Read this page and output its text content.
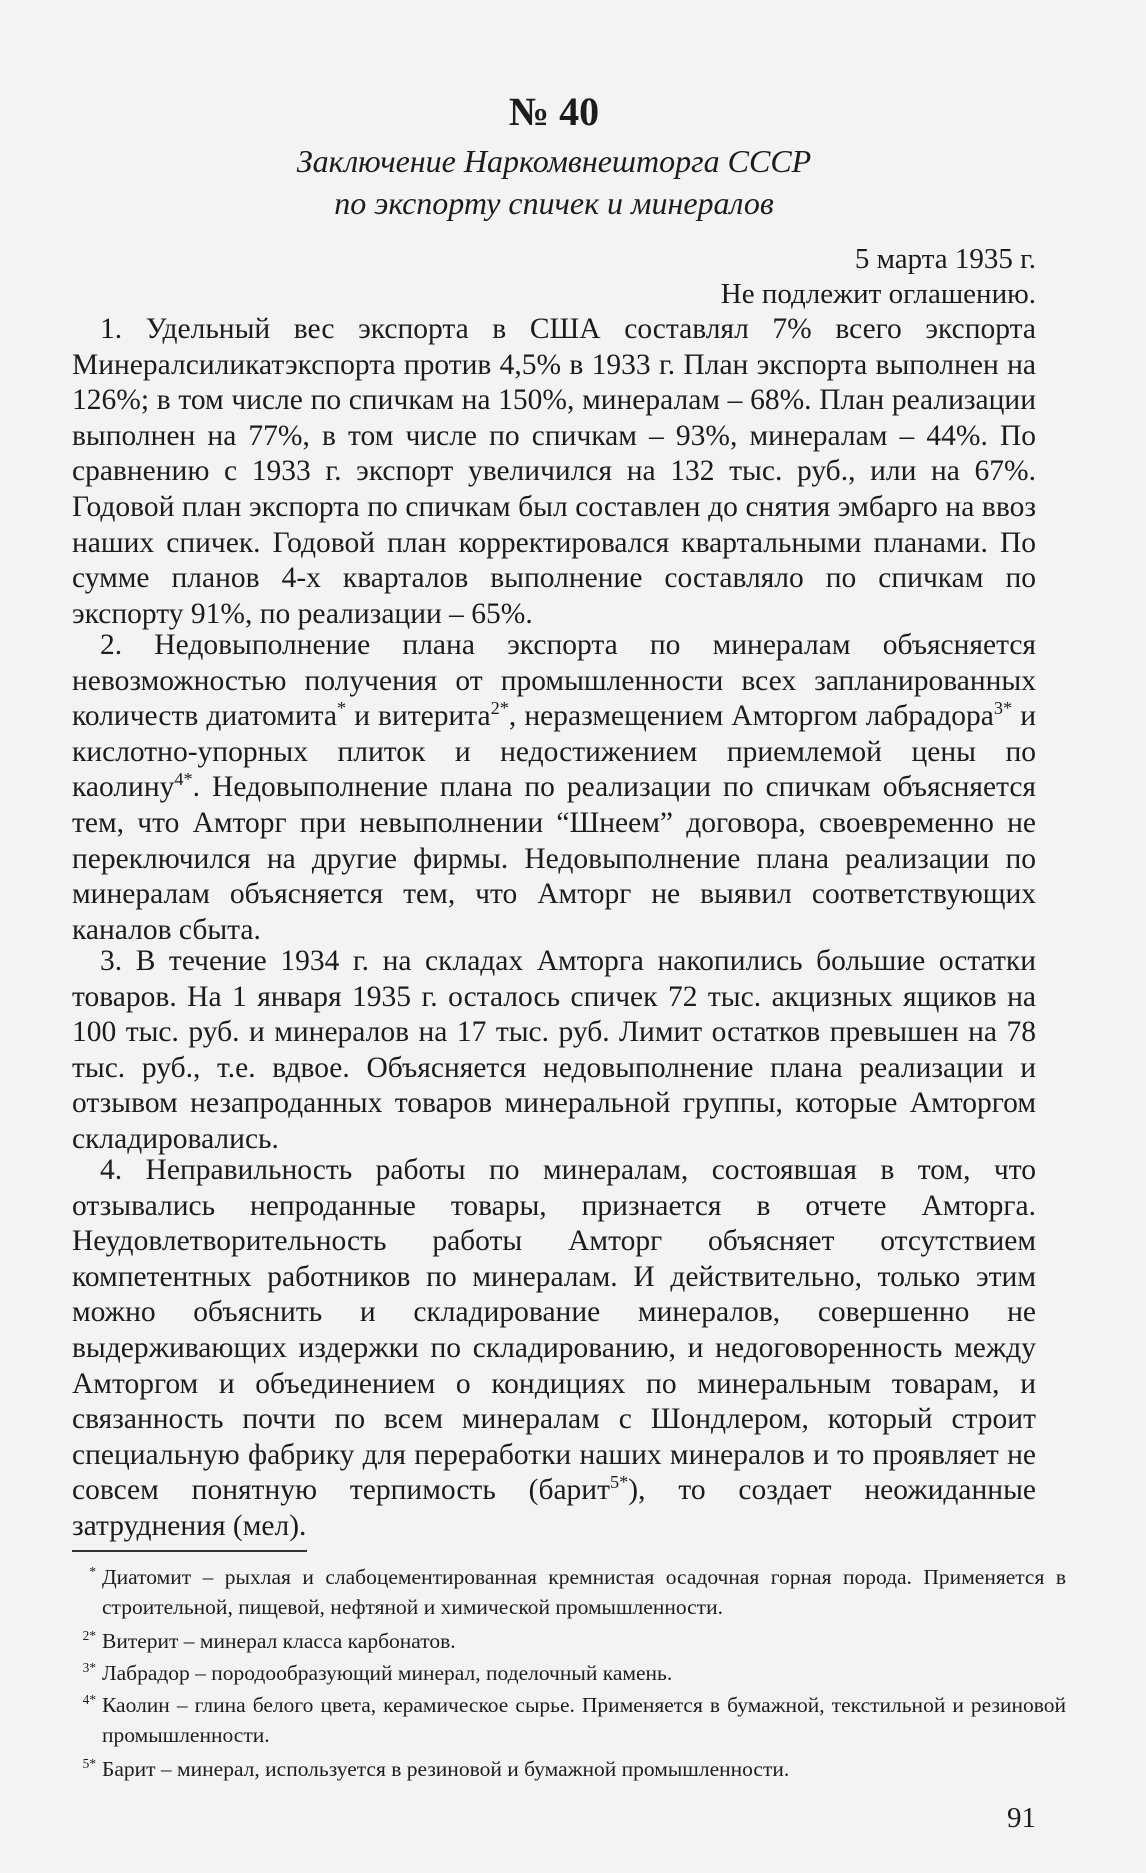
№ 40
Заключение Наркомвнешторга СССР
по экспорту спичек и минералов
5 марта 1935 г.
Не подлежит оглашению.

1. Удельный вес экспорта в США составлял 7% всего экспорта Минералсиликатэкспорта против 4,5% в 1933 г. План экспорта выполнен на 126%; в том числе по спичкам на 150%, минералам – 68%. План реализации выполнен на 77%, в том числе по спичкам – 93%, минералам – 44%. По сравнению с 1933 г. экспорт увеличился на 132 тыс. руб., или на 67%. Годовой план экспорта по спичкам был составлен до снятия эмбарго на ввоз наших спичек. Годовой план корректировался квартальными планами. По сумме планов 4-х кварталов выполнение составляло по спичкам по экспорту 91%, по реализации – 65%.

2. Недовыполнение плана экспорта по минералам объясняется невозможностью получения от промышленности всех запланированных количеств диатомита* и витерита$^{2*}$, неразмещением Амторгом лабрадора$^{3*}$ и кислотно-упорных плиток и недостижением приемлемой цены по каолину$^{4*}$. Недовыполнение плана по реализации по спичкам объясняется тем, что Амторг при невыполнении “Шнеем” договора, своевременно не переключился на другие фирмы. Недовыполнение плана реализации по минералам объясняется тем, что Амторг не выявил соответствующих каналов сбыта.

3. В течение 1934 г. на складах Амторга накопились большие остатки товаров. На 1 января 1935 г. осталось спичек 72 тыс. акцизных ящиков на 100 тыс. руб. и минералов на 17 тыс. руб. Лимит остатков превышен на 78 тыс. руб., т.е. вдвое. Объясняется недовыполнение плана реализации и отзывом незапроданных товаров минеральной группы, которые Амторгом складировались.

4. Неправильность работы по минералам, состоявшая в том, что отзывались непроданные товары, признается в отчете Амторга. Неудовлетворительность работы Амторг объясняет отсутствием компетентных работников по минералам. И действительно, только этим можно объяснить и складирование минералов, совершенно не выдерживающих издержки по складированию, и недоговоренность между Амторгом и объединением о кондициях по минеральным товарам, и связанность почти по всем минералам с Шондлером, который строит специальную фабрику для переработки наших минералов и то проявляет не совсем понятную терпимость (барит$^{5*}$), то создает неожиданные затруднения (мел).

* Диатомит – рыхлая и слабоцементированная кремнистая осадочная горная порода. Применяется в строительной, пищевой, нефтяной и химической промышленности.
$^{2*}$ Витерит – минерал класса карбонатов.
$^{3*}$ Лабрадор – породообразующий минерал, поделочный камень.
$^{4*}$ Каолин – глина белого цвета, керамическое сырье. Применяется в бумажной, текстильной и резиновой промышленности.
$^{5*}$ Барит – минерал, используется в резиновой и бумажной промышленности.
91
